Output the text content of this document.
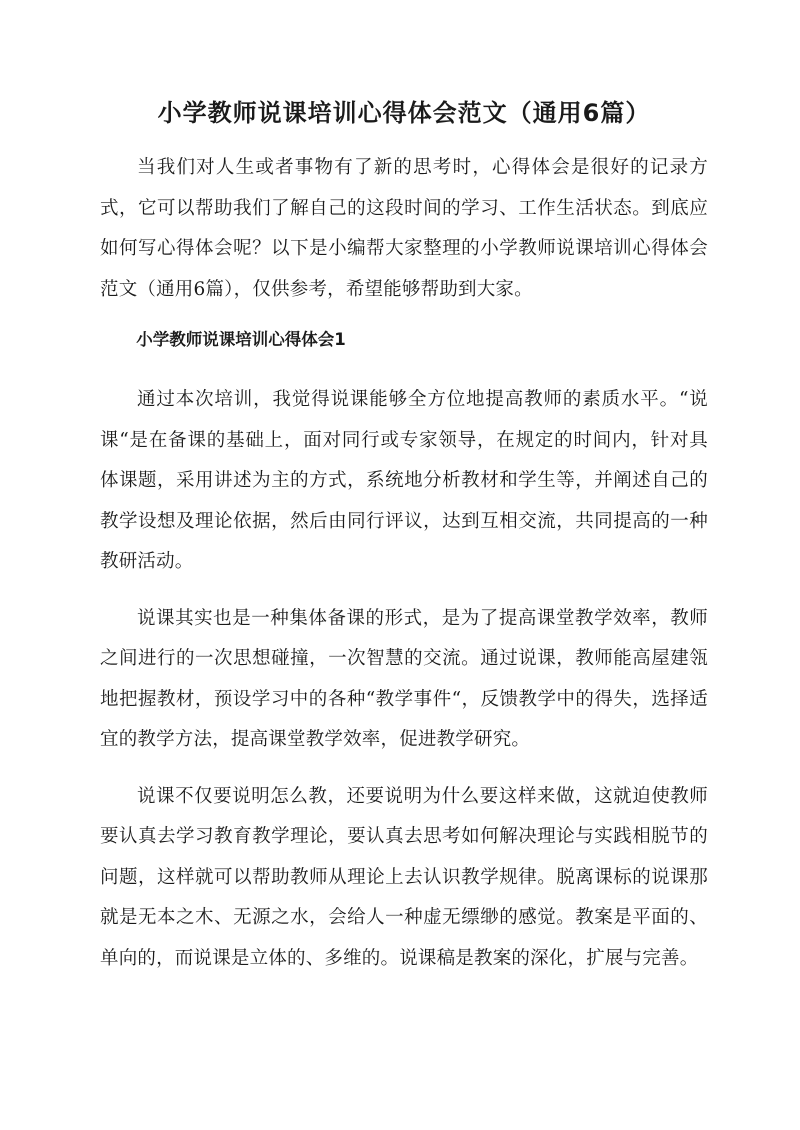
小学教师说课培训心得体会范文（通用6篇）

当我们对人生或者事物有了新的思考时，心得体会是很好的记录方式，它可以帮助我们了解自己的这段时间的学习、工作生活状态。到底应如何写心得体会呢？以下是小编帮大家整理的小学教师说课培训心得体会范文（通用6篇），仅供参考，希望能够帮助到大家。

小学教师说课培训心得体会1

通过本次培训，我觉得说课能够全方位地提高教师的素质水平。“说课“是在备课的基础上，面对同行或专家领导，在规定的时间内，针对具体课题，采用讲述为主的方式，系统地分析教材和学生等，并阐述自己的教学设想及理论依据，然后由同行评议，达到互相交流，共同提高的一种教研活动。

说课其实也是一种集体备课的形式，是为了提高课堂教学效率，教师之间进行的一次思想碰撞，一次智慧的交流。通过说课，教师能高屋建瓴地把握教材，预设学习中的各种“教学事件“，反馈教学中的得失，选择适宜的教学方法，提高课堂教学效率，促进教学研究。

说课不仅要说明怎么教，还要说明为什么要这样来做，这就迫使教师要认真去学习教育教学理论，要认真去思考如何解决理论与实践相脱节的问题，这样就可以帮助教师从理论上去认识教学规律。脱离课标的说课那就是无本之木、无源之水，会给人一种虚无缥缈的感觉。教案是平面的、单向的，而说课是立体的、多维的。说课稿是教案的深化，扩展与完善。
